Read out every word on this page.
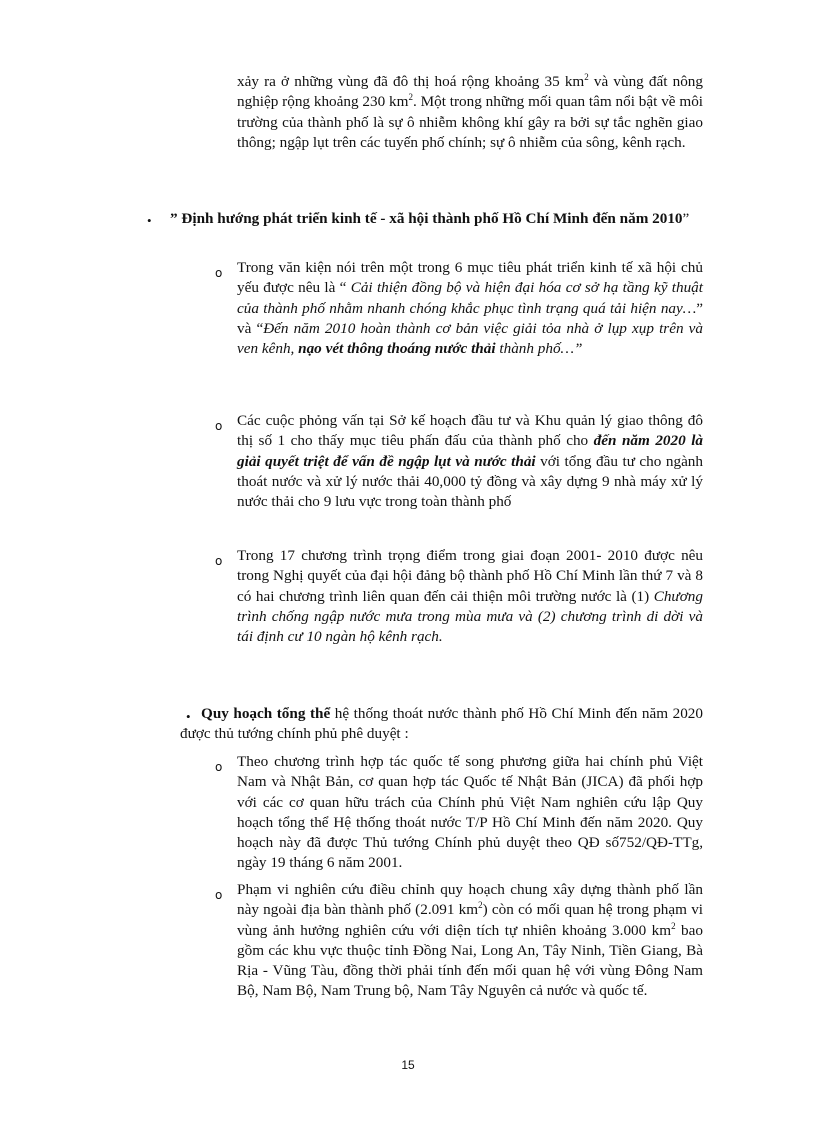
xảy ra ở những vùng đã đô thị hoá rộng khoảng 35 $km^2$ và vùng đất nông nghiệp rộng khoảng 230 $km^2$. Một trong những mối quan tâm nổi bật về môi trường của thành phố là sự ô nhiễm không khí gây ra bởi sự tắc nghẽn giao thông; ngập lụt trên các tuyến phố chính; sự ô nhiễm của sông, kênh rạch.

•	” Định hướng phát triển kinh tế - xã hội thành phố Hồ Chí Minh đến năm 2010”

o Trong văn kiện nói trên một trong 6 mục tiêu phát triển kinh tế xã hội chủ yếu được nêu là “ Cải thiện đồng bộ và hiện đại hóa cơ sở hạ tầng kỹ thuật của thành phố nhằm nhanh chóng khắc phục tình trạng quá tải hiện nay…” và “Đến năm 2010 hoàn thành cơ bản việc giải tỏa nhà ở lụp xụp trên và ven kênh, nạo vét thông thoáng nước thải thành phố…”

o Các cuộc phỏng vấn tại Sở kế hoạch đầu tư và Khu quản lý giao thông đô thị số 1 cho thấy mục tiêu phấn đấu của thành phố cho đến năm 2020 là giải quyết triệt để vấn đề ngập lụt và nước thải với tổng đầu tư cho ngành thoát nước và xử lý nước thải 40,000 tỷ đồng và xây dựng 9 nhà máy xử lý nước thải cho 9 lưu vực trong toàn thành phố

o Trong 17 chương trình trọng điểm trong giai đoạn 2001- 2010 được nêu trong Nghị quyết của đại hội đảng bộ thành phố Hồ Chí Minh lần thứ 7 và 8 có hai chương trình liên quan đến cải thiện môi trường nước là (1) Chương trình chống ngập nước mưa trong mùa mưa và (2) chương trình di dời và tái định cư 10 ngàn hộ kênh rạch.

• Quy hoạch tổng thể hệ thống thoát nước thành phố Hồ Chí Minh đến năm 2020 được thủ tướng chính phủ phê duyệt :

o Theo chương trình hợp tác quốc tế song phương giữa hai chính phủ Việt Nam và Nhật Bản, cơ quan hợp tác Quốc tế Nhật Bản (JICA) đã phối hợp với các cơ quan hữu trách của Chính phủ Việt Nam nghiên cứu lập Quy hoạch tổng thể Hệ thống thoát nước T/P Hồ Chí Minh đến năm 2020. Quy hoạch này đã được Thủ tướng Chính phủ duyệt theo QĐ số752/QĐ-TTg, ngày 19 tháng 6 năm 2001.

o Phạm vi nghiên cứu điều chỉnh quy hoạch chung xây dựng thành phố lần này ngoài địa bàn thành phố (2.091 $km^2$) còn có mối quan hệ trong phạm vi vùng ảnh hưởng nghiên cứu với diện tích tự nhiên khoảng 3.000 $km^2$ bao gồm các khu vực thuộc tỉnh Đồng Nai, Long An, Tây Ninh, Tiền Giang, Bà Rịa - Vũng Tàu, đồng thời phải tính đến mối quan hệ với vùng Đông Nam Bộ, Nam Bộ, Nam Trung bộ, Nam Tây Nguyên cả nước và quốc tế.

15
